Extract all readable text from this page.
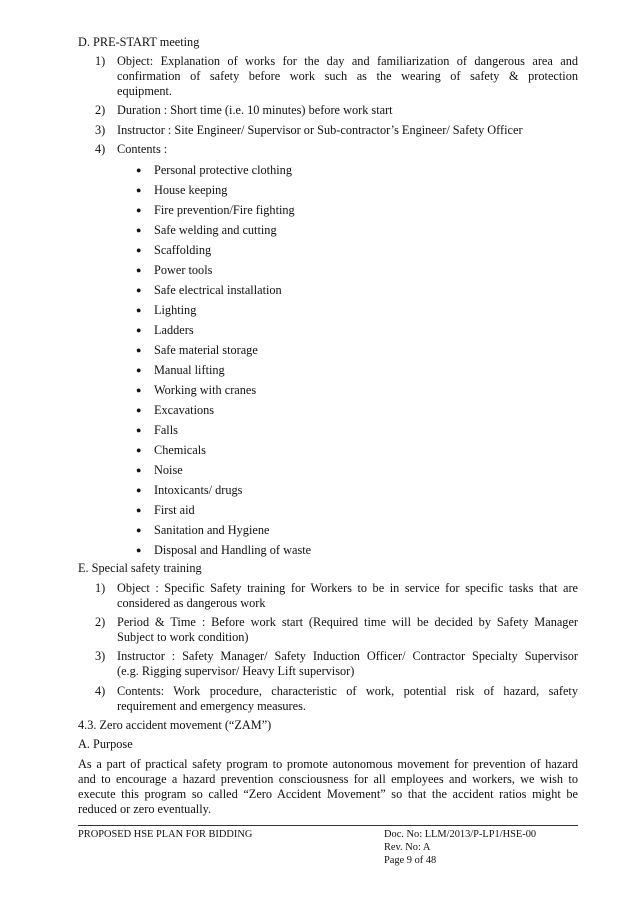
D. PRE-START meeting
1) Object: Explanation of works for the day and familiarization of dangerous area and
confirmation of safety before work such as the wearing of safety & protection
equipment.
2) Duration : Short time (i.e. 10 minutes) before work start
3) Instructor : Site Engineer/ Supervisor or Sub-contractor’s Engineer/ Safety Officer
4) Contents :
● Personal protective clothing
● House keeping
● Fire prevention/Fire fighting
● Safe welding and cutting
● Scaffolding
● Power tools
● Safe electrical installation
● Lighting
● Ladders
● Safe material storage
● Manual lifting
● Working with cranes
● Excavations
● Falls
● Chemicals
● Noise
● Intoxicants/ drugs
● First aid
● Sanitation and Hygiene
● Disposal and Handling of waste
E. Special safety training
1) Object : Specific Safety training for Workers to be in service for specific tasks that are
considered as dangerous work
2) Period & Time : Before work start (Required time will be decided by Safety Manager
Subject to work condition)
3) Instructor : Safety Manager/ Safety Induction Officer/ Contractor Specialty Supervisor
(e.g. Rigging supervisor/ Heavy Lift supervisor)
4) Contents: Work procedure, characteristic of work, potential risk of hazard, safety
requirement and emergency measures.
4.3. Zero accident movement (“ZAM”)
A. Purpose
As a part of practical safety program to promote autonomous movement for prevention of hazard
and to encourage a hazard prevention consciousness for all employees and workers, we wish to
execute this program so called “Zero Accident Movement” so that the accident ratios might be
reduced or zero eventually.
PROPOSED HSE PLAN FOR BIDDING	Doc. No: LLM/2013/P-LP1/HSE-00
Rev. No: A
Page 9 of 48
